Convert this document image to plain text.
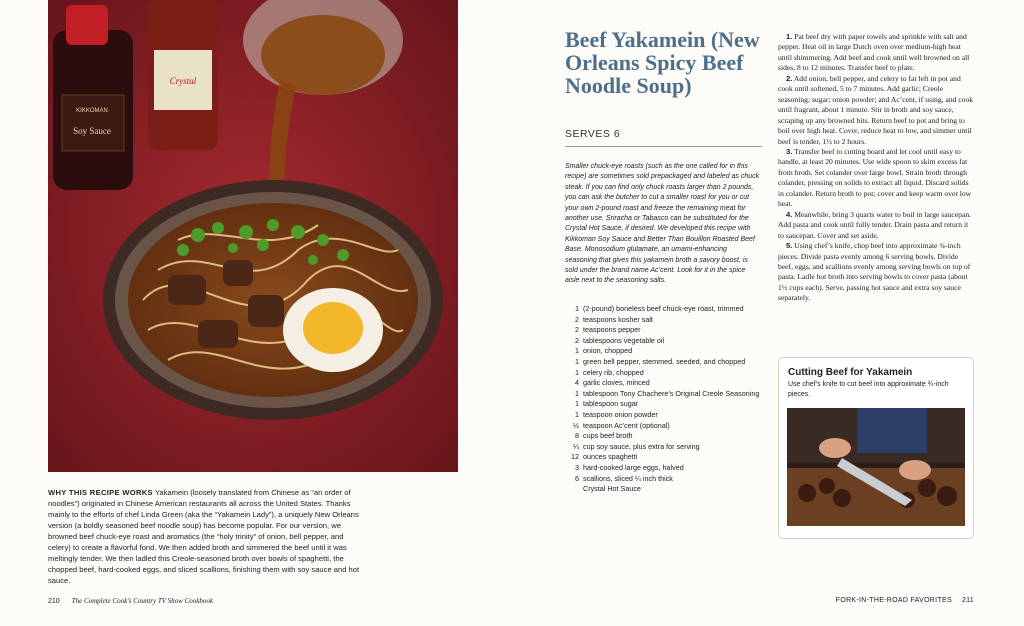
KIKKOMAN
Soy Sauce
Crystal
WHY THIS RECIPE WORKS Yakamein (loosely translated from Chinese as “an order of noodles”) originated in Chinese American restaurants all across the United States. Thanks mainly to the efforts of chef Linda Green (aka the “Yakamein Lady”), a uniquely New Orleans version (a boldly seasoned beef noodle soup) has become popular. For our version, we browned beef chuck-eye roast and aromatics (the “holy trinity” of onion, bell pepper, and celery) to create a flavorful fond. We then added broth and simmered the beef until it was meltingly tender. We then ladled this Creole-seasoned broth over bowls of spaghetti, the chopped beef, hard-cooked eggs, and sliced scallions, finishing them with soy sauce and hot sauce.
210 The Complete Cook’s Country TV Show Cookbook
Beef Yakamein (New Orleans Spicy Beef Noodle Soup)
SERVES 6
Smaller chuck-eye roasts (such as the one called for in this recipe) are sometimes sold prepackaged and labeled as chuck steak. If you can find only chuck roasts larger than 2 pounds, you can ask the butcher to cut a smaller roast for you or cut your own 2-pound roast and freeze the remaining meat for another use. Sriracha or Tabasco can be substituted for the Crystal Hot Sauce, if desired. We developed this recipe with Kikkoman Soy Sauce and Better Than Bouillon Roasted Beef Base. Monosodium glutamate, an umami-enhancing seasoning that gives this yakamein broth a savory boost, is sold under the brand name Ac’cent. Look for it in the spice aisle next to the seasoning salts.
1 (2-pound) boneless beef chuck-eye roast, trimmed
2 teaspoons kosher salt
2 teaspoons pepper
2 tablespoons vegetable oil
1 onion, chopped
1 green bell pepper, stemmed, seeded, and chopped
1 celery rib, chopped
4 garlic cloves, minced
1 tablespoon Tony Chachere’s Original Creole Seasoning
1 tablespoon sugar
1 teaspoon onion powder
½ teaspoon Ac’cent (optional)
8 cups beef broth
¼ cup soy sauce, plus extra for serving
12 ounces spaghetti
3 hard-cooked large eggs, halved
6 scallions, sliced ¼ inch thick
Crystal Hot Sauce

1. Pat beef dry with paper towels and sprinkle with salt and pepper. Heat oil in large Dutch oven over medium-high heat until shimmering. Add beef and cook until well browned on all sides, 8 to 12 minutes. Transfer beef to plate.

2. Add onion, bell pepper, and celery to fat left in pot and cook until softened, 5 to 7 minutes. Add garlic; Creole seasoning; sugar; onion powder; and Ac’cent, if using, and cook until fragrant, about 1 minute. Stir in broth and soy sauce, scraping up any browned bits. Return beef to pot and bring to boil over high heat. Cover, reduce heat to low, and simmer until beef is tender, 1½ to 2 hours.

3. Transfer beef to cutting board and let cool until easy to handle, at least 20 minutes. Use wide spoon to skim excess fat from broth. Set colander over large bowl. Strain broth through colander, pressing on solids to extract all liquid. Discard solids in colander. Return broth to pot; cover and keep warm over low heat.

4. Meanwhile, bring 3 quarts water to boil in large saucepan. Add pasta and cook until fully tender. Drain pasta and return it to saucepan. Cover and set aside.

5. Using chef’s knife, chop beef into approximate ¾-inch pieces. Divide pasta evenly among 6 serving bowls. Divide beef, eggs, and scallions evenly among serving bowls on top of pasta. Ladle hot broth into serving bowls to cover pasta (about 1½ cups each). Serve, passing hot sauce and extra soy sauce separately.

Cutting Beef for Yakamein
Use chef’s knife to cut beef into approximate ¾-inch pieces.
FORK-IN-THE-ROAD FAVORITES 211
